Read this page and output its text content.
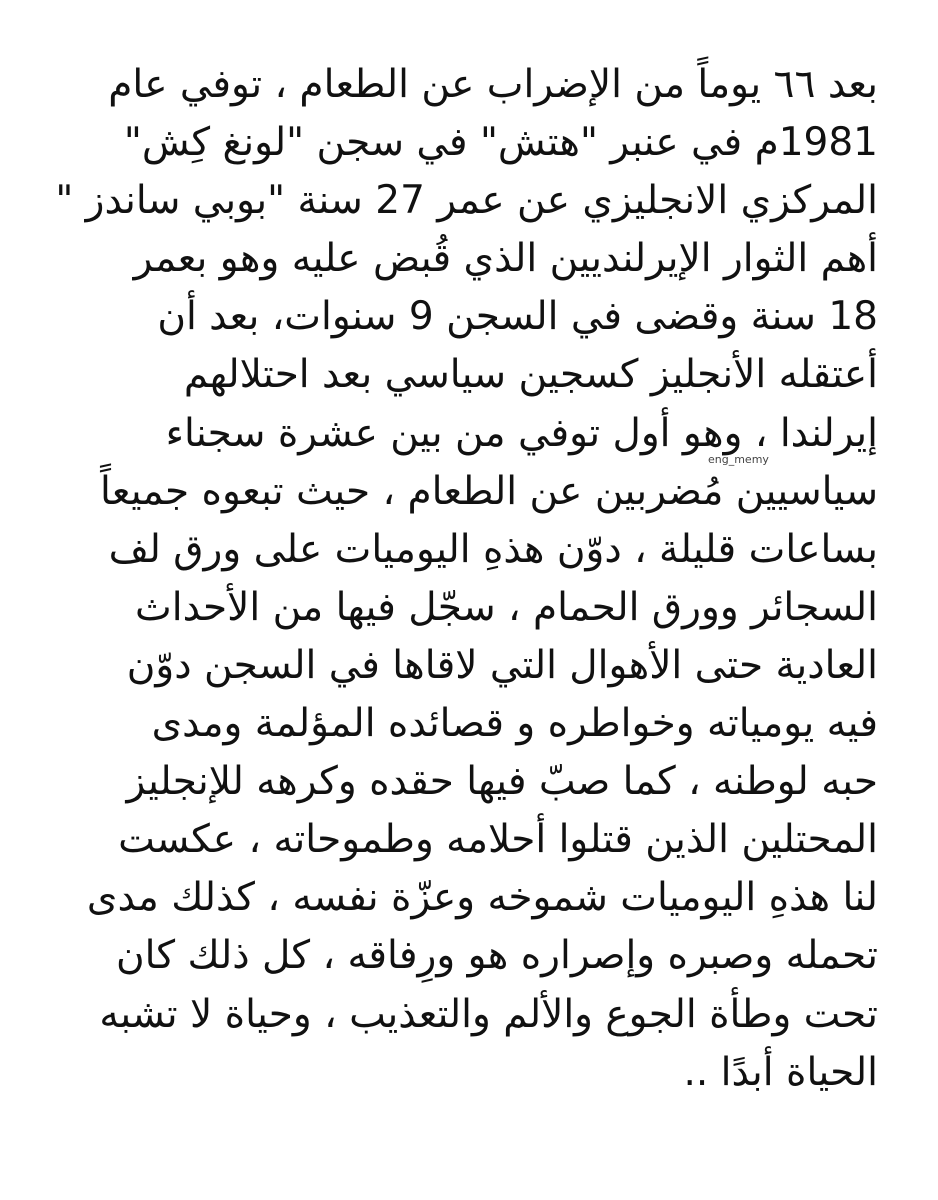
بعد ٦٦ يوماً من الإضراب عن الطعام ، توفي عام
1981م في عنبر "هتش" في سجن "لونغ كِش"
المركزي الانجليزي عن عمر 27 سنة "بوبي ساندز "
أهم الثوار الإيرلنديين الذي قُبض عليه وهو بعمر
18 سنة وقضى في السجن 9 سنوات، بعد أن
أعتقله الأنجليز كسجين سياسي بعد احتلالهم
إيرلندا ، وهو أول توفي من بين عشرة سجناء
سياسيين مُضربين عن الطعام ، حيث تبعوه جميعاً
بساعات قليلة ، دوّن هذهِ اليوميات على ورق لف
السجائر وورق الحمام ، سجّل فيها من الأحداث
العادية حتى الأهوال التي لاقاها في السجن دوّن
فيه يومياته وخواطره و قصائده المؤلمة ومدى
حبه لوطنه ، كما صبّ فيها حقده وكرهه للإنجليز
المحتلين الذين قتلوا أحلامه وطموحاته ، عكست
لنا هذهِ اليوميات شموخه وعزّة نفسه ، كذلك مدى
تحمله وصبره وإصراره هو ورِفاقه ، كل ذلك كان
تحت وطأة الجوع والألم والتعذيب ، وحياة لا تشبه
الحياة أبدًا ..
eng_memy
